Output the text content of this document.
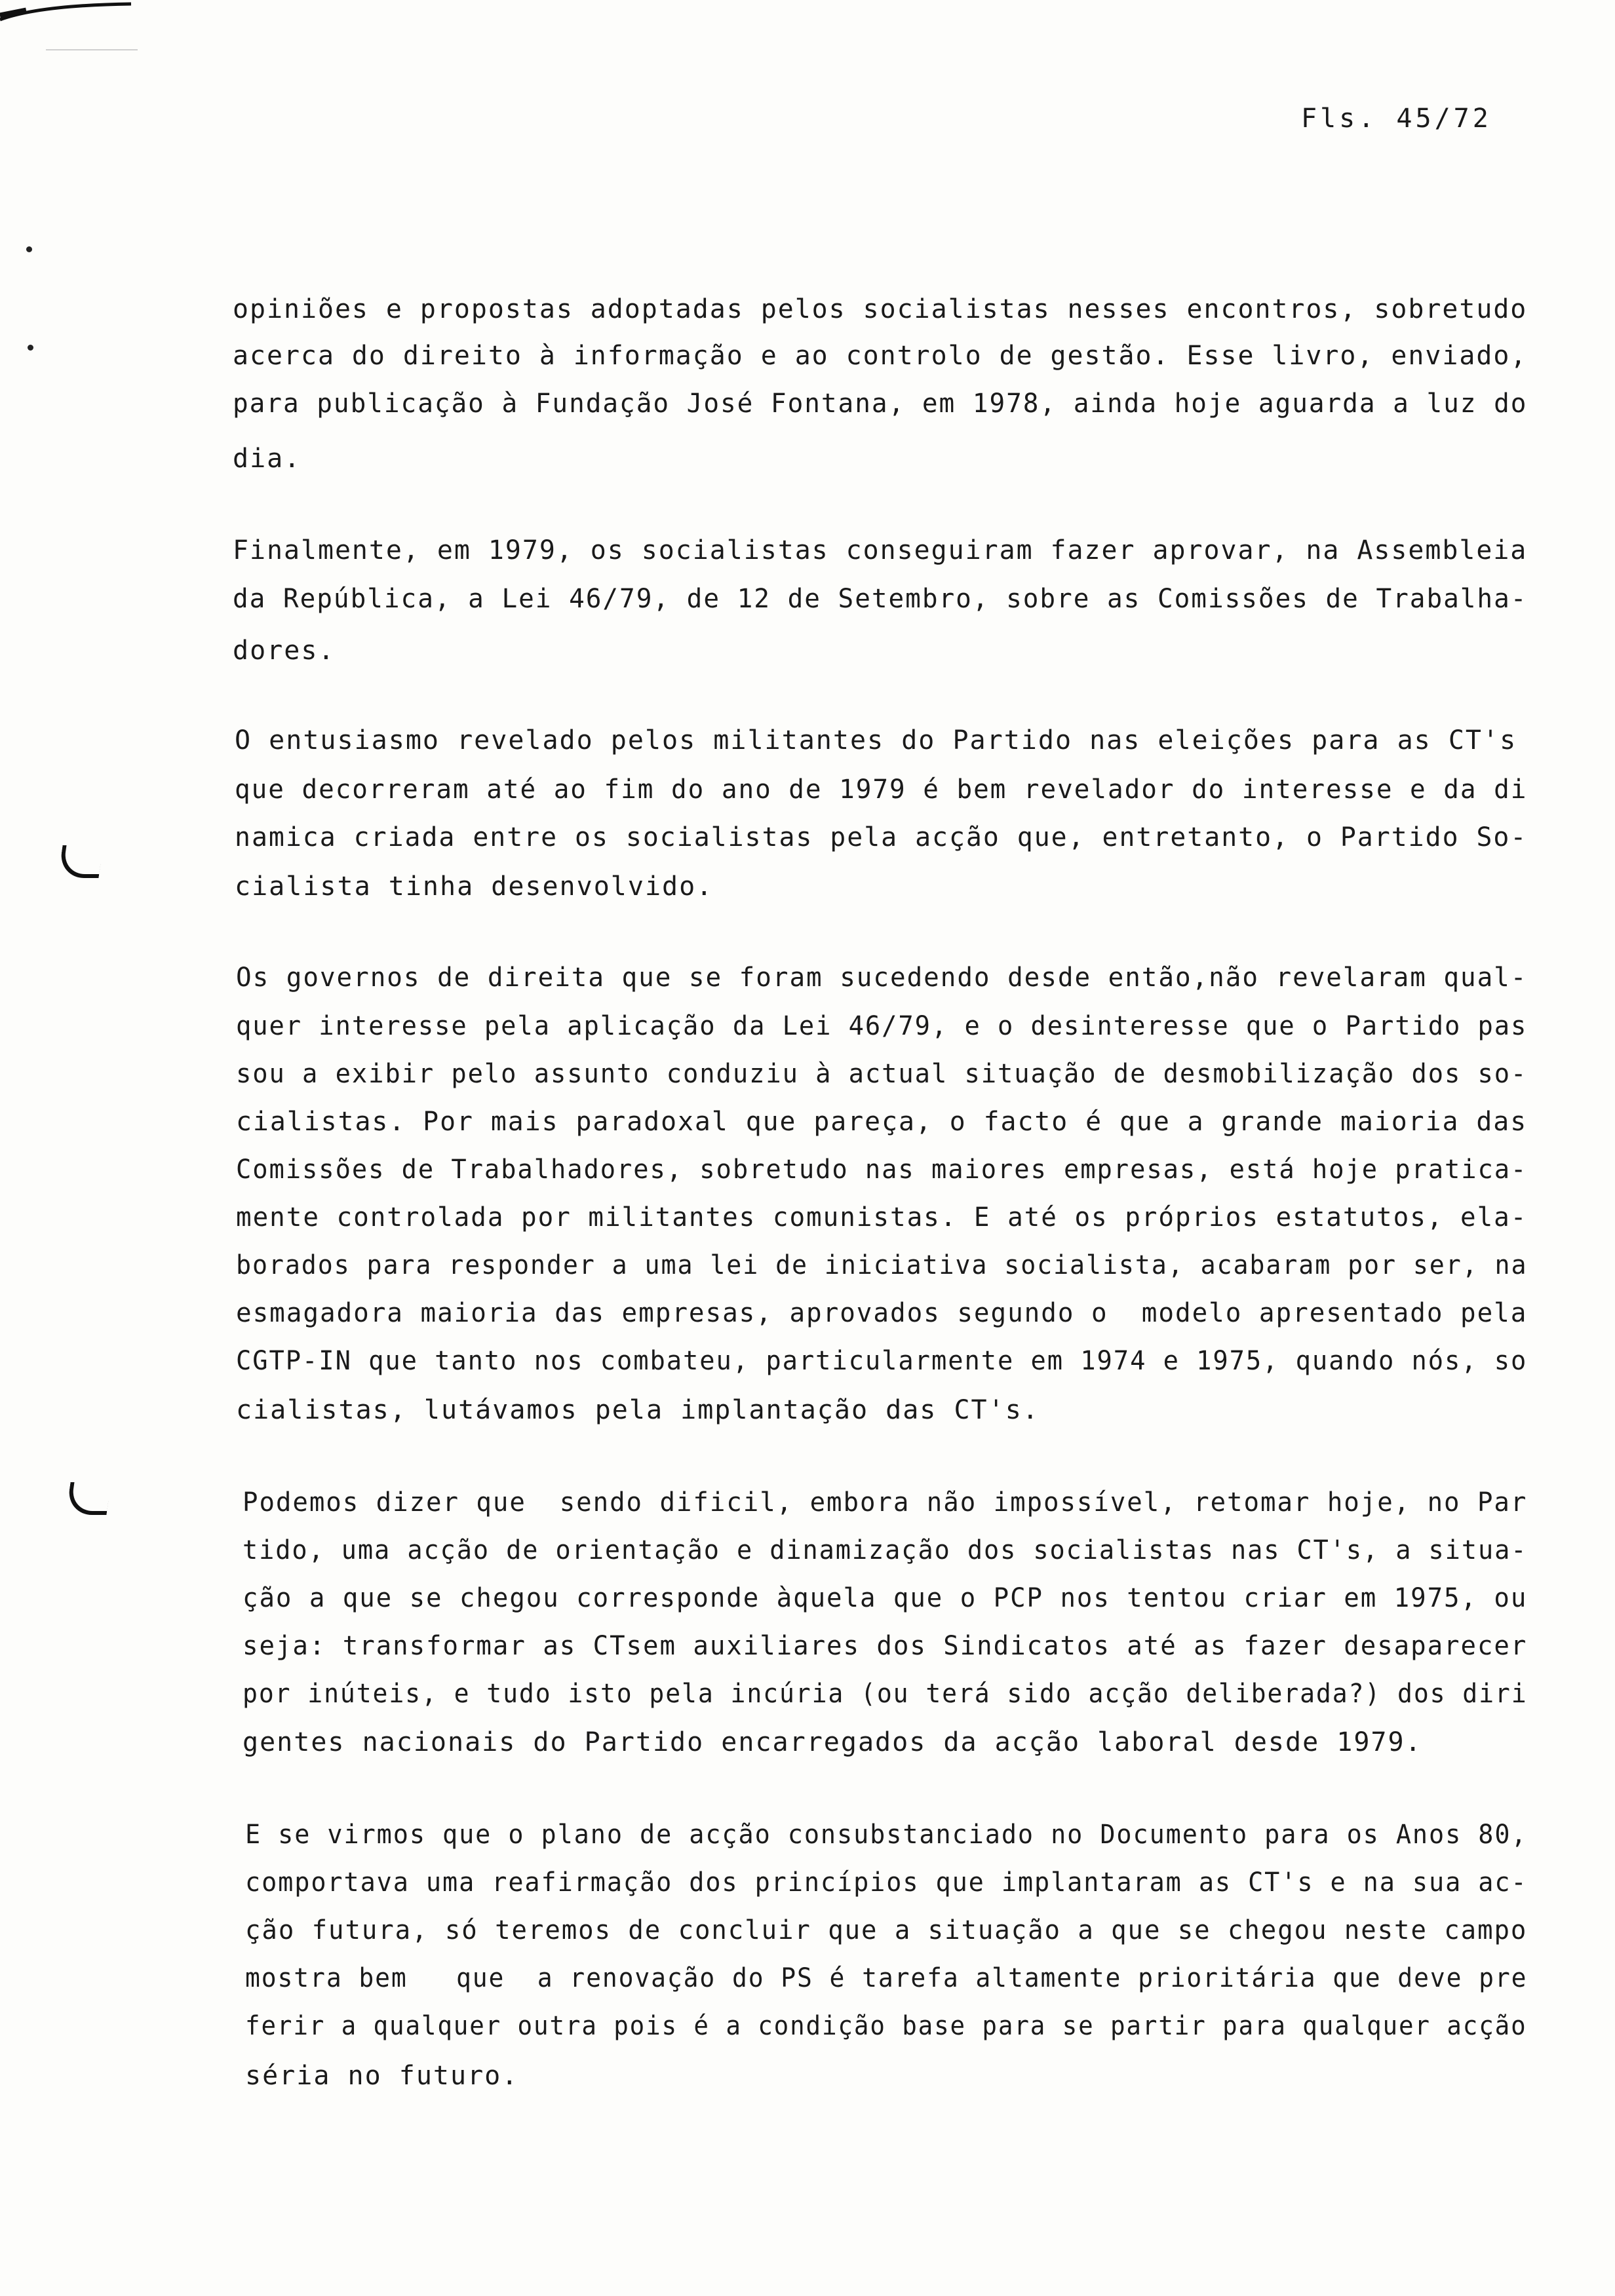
Fls. 45/72
opiniões e propostas adoptadas pelos socialistas nesses encontros, sobretudo
acerca do direito à informação e ao controlo de gestão. Esse livro, enviado,
para publicação à Fundação José Fontana, em 1978, ainda hoje aguarda a luz do
dia.
Finalmente, em 1979, os socialistas conseguiram fazer aprovar, na Assembleia
da República, a Lei 46/79, de 12 de Setembro, sobre as Comissões de Trabalha-
dores.
O entusiasmo revelado pelos militantes do Partido nas eleições para as CT's
que decorreram até ao fim do ano de 1979 é bem revelador do interesse e da di
namica criada entre os socialistas pela acção que, entretanto, o Partido So-
cialista tinha desenvolvido.
Os governos de direita que se foram sucedendo desde então,não revelaram qual-
quer interesse pela aplicação da Lei 46/79, e o desinteresse que o Partido pas
sou a exibir pelo assunto conduziu à actual situação de desmobilização dos so-
cialistas. Por mais paradoxal que pareça, o facto é que a grande maioria das
Comissões de Trabalhadores, sobretudo nas maiores empresas, está hoje pratica-
mente controlada por militantes comunistas. E até os próprios estatutos, ela-
borados para responder a uma lei de iniciativa socialista, acabaram por ser, na
esmagadora maioria das empresas, aprovados segundo o  modelo apresentado pela
CGTP-IN que tanto nos combateu, particularmente em 1974 e 1975, quando nós, so
cialistas, lutávamos pela implantação das CT's.
Podemos dizer que  sendo dificil, embora não impossível, retomar hoje, no Par
tido, uma acção de orientação e dinamização dos socialistas nas CT's, a situa-
ção a que se chegou corresponde àquela que o PCP nos tentou criar em 1975, ou
seja: transformar as CTsem auxiliares dos Sindicatos até as fazer desaparecer
por inúteis, e tudo isto pela incúria (ou terá sido acção deliberada?) dos diri
gentes nacionais do Partido encarregados da acção laboral desde 1979.
E se virmos que o plano de acção consubstanciado no Documento para os Anos 80,
comportava uma reafirmação dos princípios que implantaram as CT's e na sua ac-
ção futura, só teremos de concluir que a situação a que se chegou neste campo
mostra bem   que  a renovação do PS é tarefa altamente prioritária que deve pre
ferir a qualquer outra pois é a condição base para se partir para qualquer acção
séria no futuro.
